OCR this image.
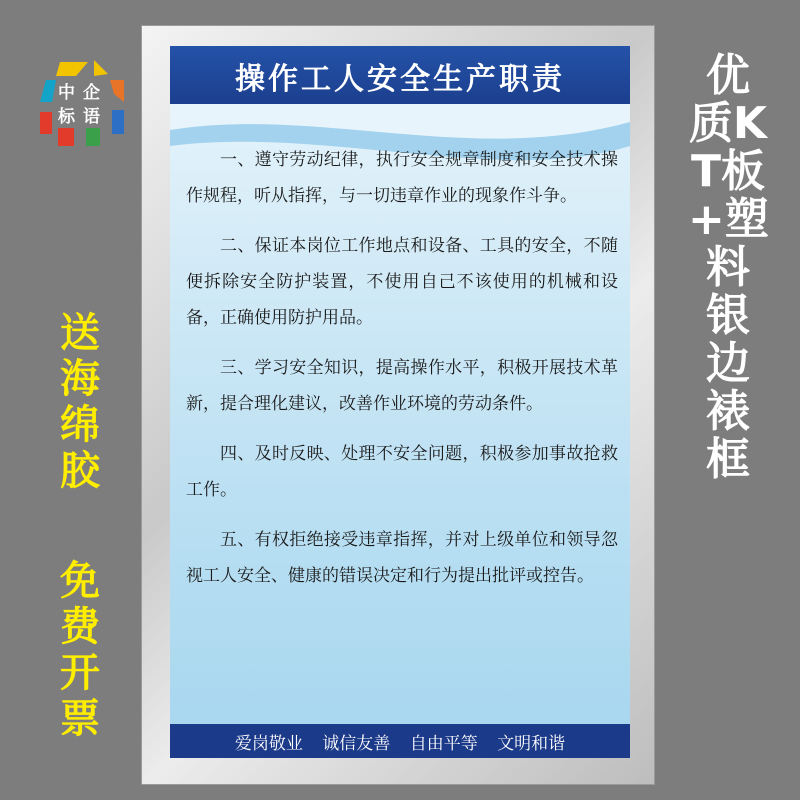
中企
标语
操作工人安全生产职责

一、遵守劳动纪律，执行安全规章制度和安全技术操作规程，听从指挥，与一切违章作业的现象作斗争。

二、保证本岗位工作地点和设备、工具的安全，不随便拆除安全防护装置，不使用自己不该使用的机械和设备，正确使用防护用品。

三、学习安全知识，提高操作水平，积极开展技术革新，提合理化建议，改善作业环境的劳动条件。

四、及时反映、处理不安全问题，积极参加事故抢救工作。

五、有权拒绝接受违章指挥，并对上级单位和领导忽视工人安全、健康的错误决定和行为提出批评或控告。

爱岗敬业 诚信友善 自由平等 文明和谐
优质KT板+塑料银边裱框
送海绵胶
免费开票
